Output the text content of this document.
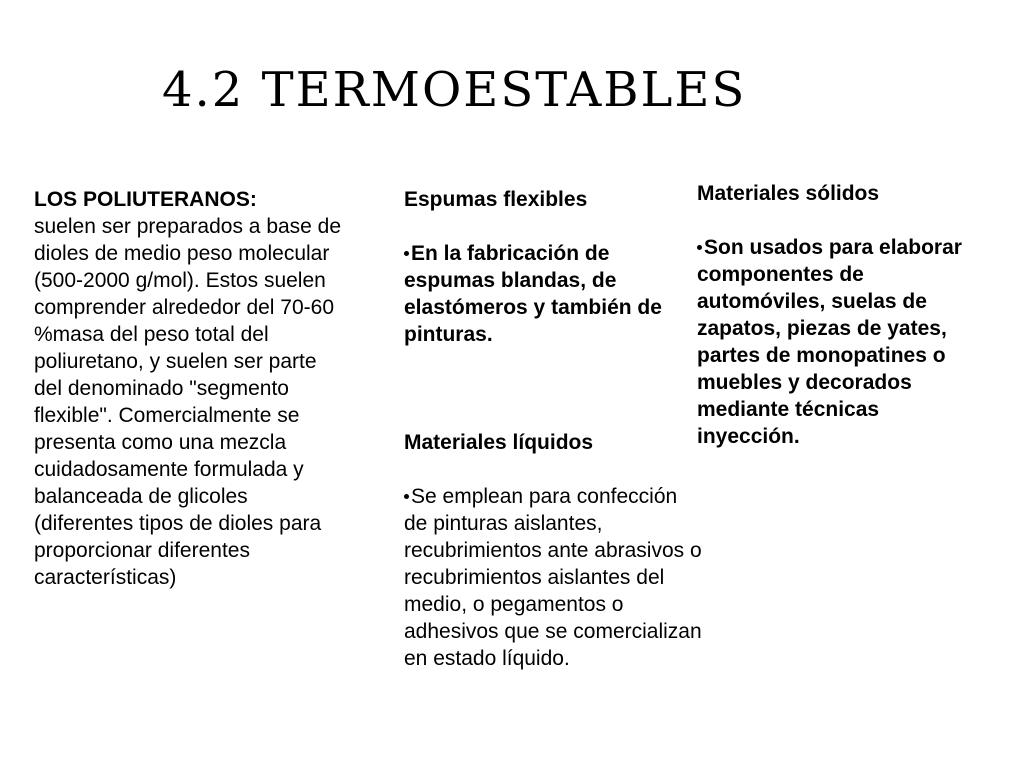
4.2 TERMOESTABLES

LOS POLIUTERANOS:

suelen ser preparados a base de dioles de medio peso molecular (500-2000 g/mol). Estos suelen comprender alrededor del 70-60 %masa del peso total del poliuretano, y suelen ser parte del denominado "segmento flexible". Comercialmente se presenta como una mezcla cuidadosamente formulada y balanceada de glicoles (diferentes tipos de dioles para proporcionar diferentes características)

Espumas flexibles

En la fabricación de espumas blandas, de elastómeros y también de pinturas.

Materiales líquidos

Se emplean para confección de pinturas aislantes, recubrimientos ante abrasivos o recubrimientos aislantes del medio, o pegamentos o adhesivos que se comercializan en estado líquido.

Materiales sólidos

Son usados para elaborar componentes de automóviles, suelas de zapatos, piezas de yates, partes de monopatines o muebles y decorados mediante técnicas inyección.
